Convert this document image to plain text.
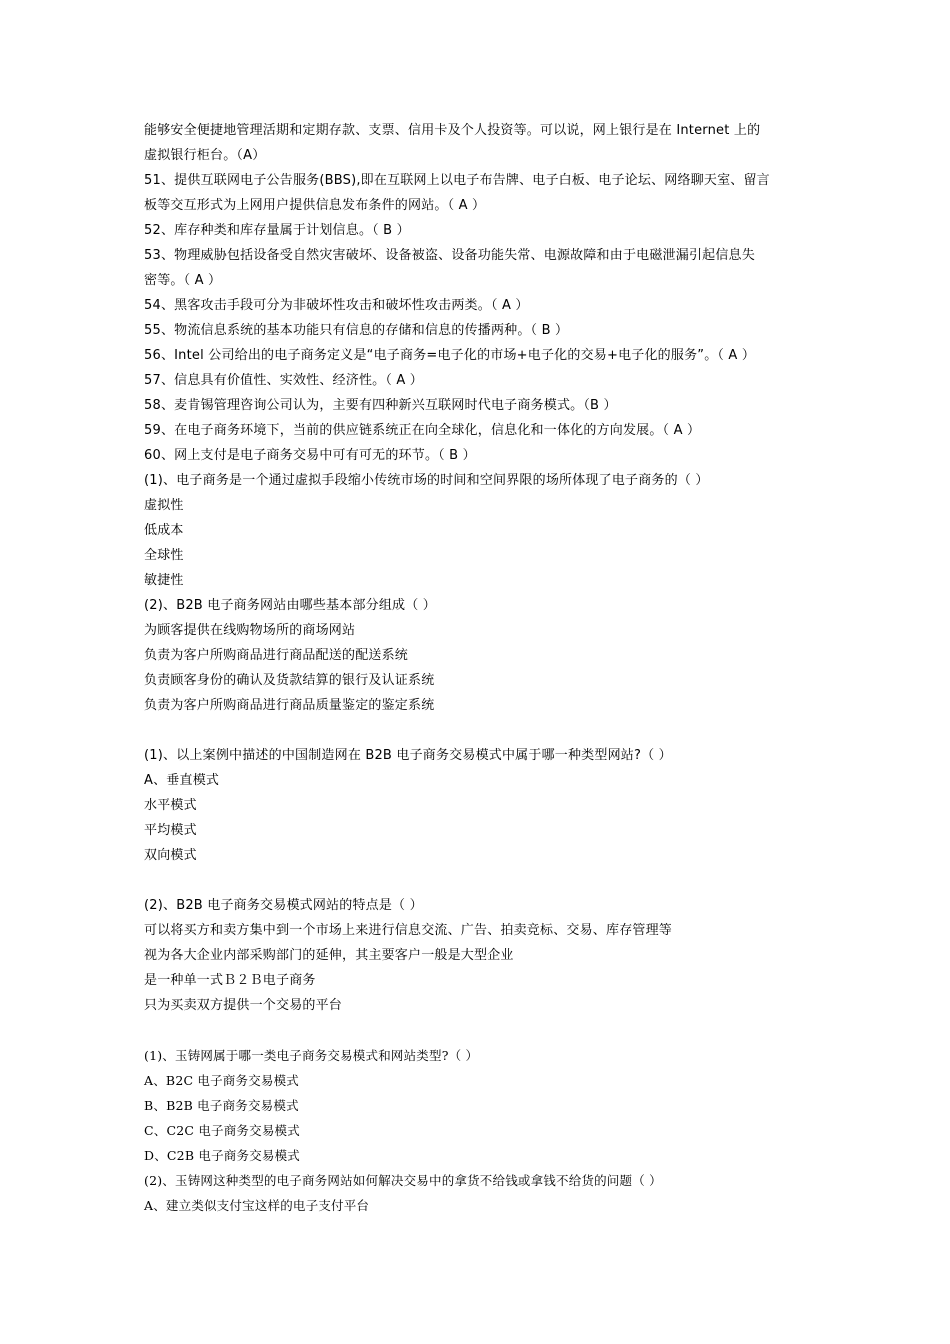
能够安全便捷地管理活期和定期存款、支票、信用卡及个人投资等。可以说，网上银行是在 Internet 上的
虚拟银行柜台。（A）
51、提供互联网电子公告服务(BBS),即在互联网上以电子布告牌、电子白板、电子论坛、网络聊天室、留言
板等交互形式为上网用户提供信息发布条件的网站。（ A ）
52、库存种类和库存量属于计划信息。（ B ）
53、物理威胁包括设备受自然灾害破坏、设备被盗、设备功能失常、电源故障和由于电磁泄漏引起信息失
密等。（ A ）
54、黑客攻击手段可分为非破坏性攻击和破坏性攻击两类。（ A ）
55、物流信息系统的基本功能只有信息的存储和信息的传播两种。（ B ）
56、Intel 公司给出的电子商务定义是“电子商务=电子化的市场+电子化的交易+电子化的服务”。（ A ）
57、信息具有价值性、实效性、经济性。（ A ）
58、麦肯锡管理咨询公司认为，主要有四种新兴互联网时代电子商务模式。（B ）
59、在电子商务环境下，当前的供应链系统正在向全球化，信息化和一体化的方向发展。（ A ）
60、网上支付是电子商务交易中可有可无的环节。（ B ）
(1)、电子商务是一个通过虚拟手段缩小传统市场的时间和空间界限的场所体现了电子商务的（ ）
虚拟性
低成本
全球性
敏捷性
(2)、B2B 电子商务网站由哪些基本部分组成（ ）
为顾客提供在线购物场所的商场网站
负责为客户所购商品进行商品配送的配送系统
负责顾客身份的确认及货款结算的银行及认证系统
负责为客户所购商品进行商品质量鉴定的鉴定系统
(1)、以上案例中描述的中国制造网在 B2B 电子商务交易模式中属于哪一种类型网站?（ ）
A、垂直模式
水平模式
平均模式
双向模式
(2)、B2B 电子商务交易模式网站的特点是（ ）
可以将买方和卖方集中到一个市场上来进行信息交流、广告、拍卖竞标、交易、库存管理等
视为各大企业内部采购部门的延伸，其主要客户一般是大型企业
是一种单一式Ｂ２Ｂ电子商务
只为买卖双方提供一个交易的平台
(1)、玉铸网属于哪一类电子商务交易模式和网站类型?（ ）
A、B2C 电子商务交易模式
B、B2B 电子商务交易模式
C、C2C 电子商务交易模式
D、C2B 电子商务交易模式
(2)、玉铸网这种类型的电子商务网站如何解决交易中的拿货不给钱或拿钱不给货的问题（ ）
A、建立类似支付宝这样的电子支付平台
